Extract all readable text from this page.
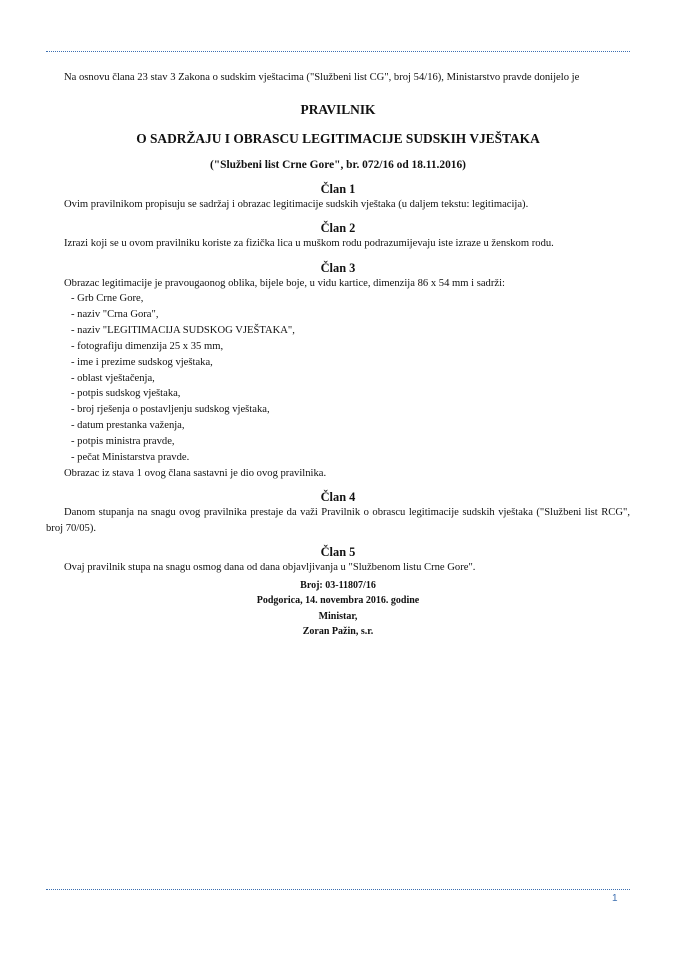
Na osnovu člana 23 stav 3 Zakona o sudskim vještacima ("Službeni list CG", broj 54/16), Ministarstvo pravde donijelo je

PRAVILNIK
O SADRŽAJU I OBRASCU LEGITIMACIJE SUDSKIH VJEŠTAKA
("Službeni list Crne Gore", br. 072/16 od 18.11.2016)
Član 1

Ovim pravilnikom propisuju se sadržaj i obrazac legitimacije sudskih vještaka (u daljem tekstu: legitimacija).

Član 2

Izrazi koji se u ovom pravilniku koriste za fizička lica u muškom rodu podrazumijevaju iste izraze u ženskom rodu.

Član 3

Obrazac legitimacije je pravougaonog oblika, bijele boje, u vidu kartice, dimenzija 86 x 54 mm i sadrži:

- Grb Crne Gore,
- naziv "Crna Gora",
- naziv "LEGITIMACIJA SUDSKOG VJEŠTAKA",
- fotografiju dimenzija 25 x 35 mm,
- ime i prezime sudskog vještaka,
- oblast vještačenja,
- potpis sudskog vještaka,
- broj rješenja o postavljenju sudskog vještaka,
- datum prestanka važenja,
- potpis ministra pravde,
- pečat Ministarstva pravde.

Obrazac iz stava 1 ovog člana sastavni je dio ovog pravilnika.

Član 4

Danom stupanja na snagu ovog pravilnika prestaje da važi Pravilnik o obrascu legitimacije sudskih vještaka ("Službeni list RCG", broj 70/05).

Član 5

Ovaj pravilnik stupa na snagu osmog dana od dana objavljivanja u "Službenom listu Crne Gore".

Broj: 03-11807/16

Podgorica, 14. novembra 2016. godine

Ministar,

Zoran Pažin, s.r.

1
